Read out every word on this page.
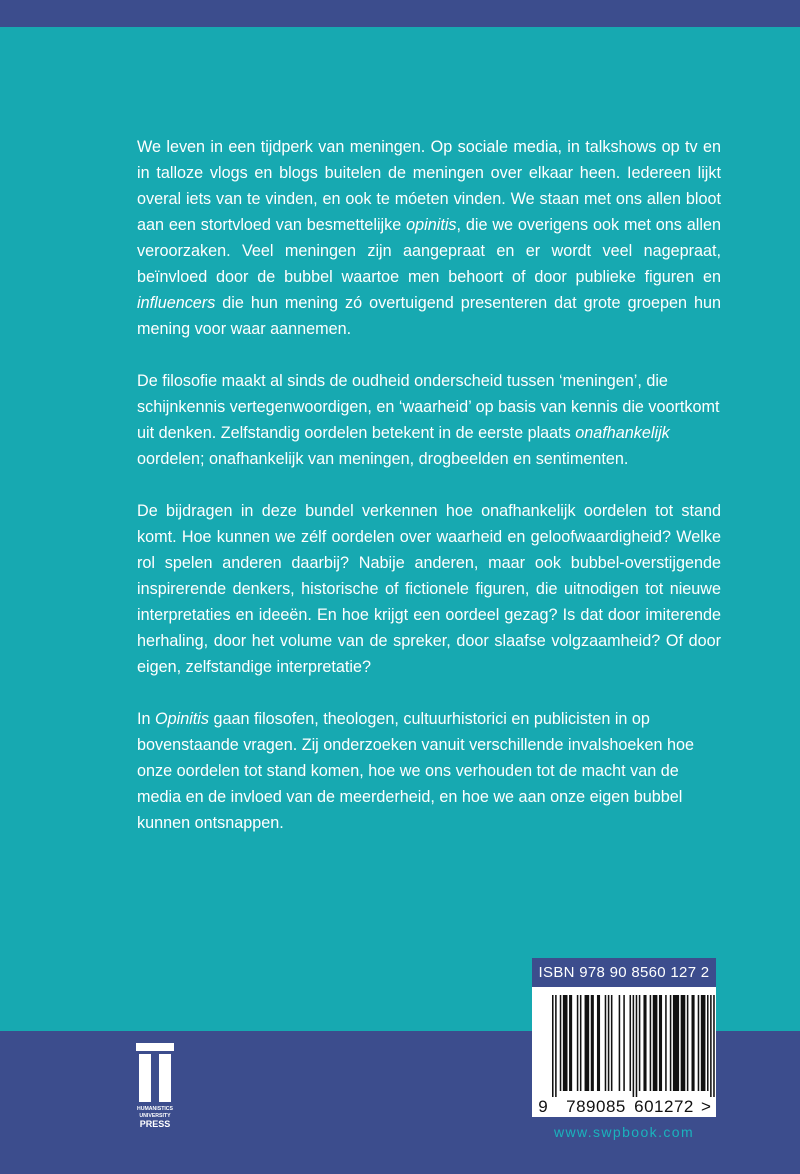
We leven in een tijdperk van meningen. Op sociale media, in talkshows op tv en in talloze vlogs en blogs buitelen de meningen over elkaar heen. Iedereen lijkt overal iets van te vinden, en ook te móeten vinden. We staan met ons allen bloot aan een stortvloed van besmettelijke opinitis, die we overigens ook met ons allen veroorzaken. Veel meningen zijn aangepraat en er wordt veel nagepraat, beïnvloed door de bubbel waartoe men behoort of door publieke figuren en influencers die hun mening zó overtuigend presenteren dat grote groepen hun mening voor waar aannemen.

De filosofie maakt al sinds de oudheid onderscheid tussen ‘meningen’, die schijnkennis vertegenwoordigen, en ‘waarheid’ op basis van kennis die voortkomt uit denken. Zelfstandig oordelen betekent in de eerste plaats onafhankelijk oordelen; onafhankelijk van meningen, drogbeelden en sentimenten.

De bijdragen in deze bundel verkennen hoe onafhankelijk oordelen tot stand komt. Hoe kunnen we zélf oordelen over waarheid en geloofwaardigheid? Welke rol spelen anderen daarbij? Nabije anderen, maar ook bubbel-overstijgende inspirerende denkers, historische of fictionele figuren, die uitnodigen tot nieuwe interpretaties en ideeën. En hoe krijgt een oordeel gezag? Is dat door imiterende herhaling, door het volume van de spreker, door slaafse volgzaamheid? Of door eigen, zelfstandige interpretatie?

In Opinitis gaan filosofen, theologen, cultuurhistorici en publicisten in op bovenstaande vragen. Zij onderzoeken vanuit verschillende invalshoeken hoe onze oordelen tot stand komen, hoe we ons verhouden tot de macht van de media en de invloed van de meerderheid, en hoe we aan onze eigen bubbel kunnen ontsnappen.

HUMANISTICS
UNIVERSITY
PRESS
ISBN 978 90 8560 127 2
9 789085 601272 >
www.swpbook.com
